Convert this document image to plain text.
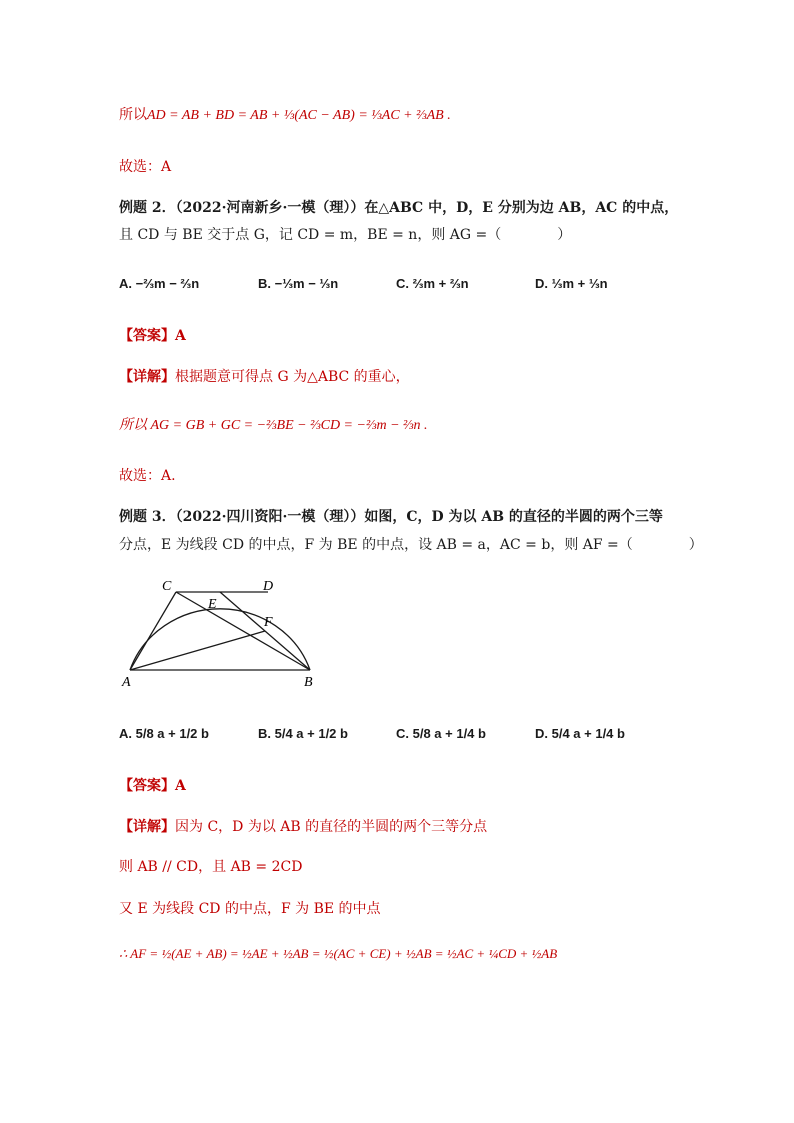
所以AD = AB + BD = AB + ⅓(AC − AB) = ⅓AC + ⅔AB .
故选：A
例题 2．（2022·河南新乡·一模（理））在△ABC 中，D，E 分别为边 AB，AC 的中点，
且 CD 与 BE 交于点 G，记 CD = m，BE = n，则 AG =（　　　　）
A. −⅔m − ⅔n	B. −⅓m − ⅓n	C. ⅔m + ⅔n	D. ⅓m + ⅓n
【答案】A
【详解】根据题意可得点 G 为△ABC 的重心，
所以 AG = GB + GC = −⅔BE − ⅔CD = −⅔m − ⅔n .
故选：A.
例题 3．（2022·四川资阳·一模（理））如图，C，D 为以 AB 的直径的半圆的两个三等
分点，E 为线段 CD 的中点，F 为 BE 的中点，设 AB = a，AC = b，则 AF =（　　　　）
C	D
E
F
A	B
A. 5/8 a + 1/2 b	B. 5/4 a + 1/2 b	C. 5/8 a + 1/4 b	D. 5/4 a + 1/4 b
【答案】A
【详解】因为 C，D 为以 AB 的直径的半圆的两个三等分点
则 AB // CD，且 AB = 2CD
又 E 为线段 CD 的中点，F 为 BE 的中点
∴ AF = ½(AE + AB) = ½AE + ½AB = ½(AC + CE) + ½AB = ½AC + ¼CD + ½AB
